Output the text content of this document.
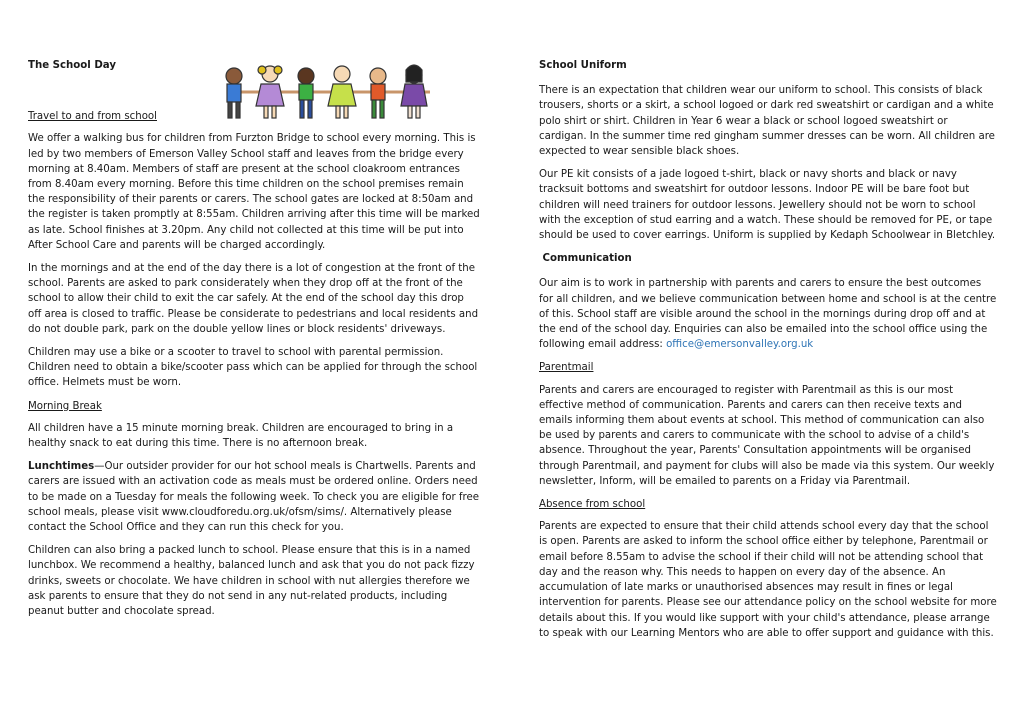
The School Day

Travel to and from school

We offer a walking bus for children from Furzton Bridge to school every morning. This is led by two members of Emerson Valley School staff and leaves from the bridge every morning at 8.40am. Members of staff are present at the school cloakroom entrances from 8.40am every morning. Before this time children on the school premises remain the responsibility of their parents or carers. The school gates are locked at 8:50am and the register is taken promptly at 8:55am. Children arriving after this time will be marked as late. School finishes at 3.20pm. Any child not collected at this time will be put into After School Care and parents will be charged accordingly.

In the mornings and at the end of the day there is a lot of congestion at the front of the school. Parents are asked to park considerately when they drop off at the front of the school to allow their child to exit the car safely. At the end of the school day this drop off area is closed to traffic. Please be considerate to pedestrians and local residents and do not double park, park on the double yellow lines or block residents' driveways.

Children may use a bike or a scooter to travel to school with parental permission. Children need to obtain a bike/scooter pass which can be applied for through the school office. Helmets must be worn.

Morning Break

All children have a 15 minute morning break. Children are encouraged to bring in a healthy snack to eat during this time. There is no afternoon break.

Lunchtimes—Our outsider provider for our hot school meals is Chartwells. Parents and carers are issued with an activation code as meals must be ordered online. Orders need to be made on a Tuesday for meals the following week. To check you are eligible for free school meals, please visit www.cloudforedu.org.uk/ofsm/sims/. Alternatively please contact the School Office and they can run this check for you.

Children can also bring a packed lunch to school. Please ensure that this is in a named lunchbox. We recommend a healthy, balanced lunch and ask that you do not pack fizzy drinks, sweets or chocolate. We have children in school with nut allergies therefore we ask parents to ensure that they do not send in any nut-related products, including peanut butter and chocolate spread.

School Uniform

There is an expectation that children wear our uniform to school. This consists of black trousers, shorts or a skirt, a school logoed or dark red sweatshirt or cardigan and a white polo shirt or shirt. Children in Year 6 wear a black or school logoed sweatshirt or cardigan. In the summer time red gingham summer dresses can be worn. All children are expected to wear sensible black shoes.

Our PE kit consists of a jade logoed t-shirt, black or navy shorts and black or navy tracksuit bottoms and sweatshirt for outdoor lessons. Indoor PE will be bare foot but children will need trainers for outdoor lessons. Jewellery should not be worn to school with the exception of stud earring and a watch. These should be removed for PE, or tape should be used to cover earrings. Uniform is supplied by Kedaph Schoolwear in Bletchley.

Communication

Our aim is to work in partnership with parents and carers to ensure the best outcomes for all children, and we believe communication between home and school is at the centre of this. School staff are visible around the school in the mornings during drop off and at the end of the school day. Enquiries can also be emailed into the school office using the following email address: office@emersonvalley.org.uk

Parentmail

Parents and carers are encouraged to register with Parentmail as this is our most effective method of communication. Parents and carers can then receive texts and emails informing them about events at school. This method of communication can also be used by parents and carers to communicate with the school to advise of a child's absence. Throughout the year, Parents' Consultation appointments will be organised through Parentmail, and payment for clubs will also be made via this system. Our weekly newsletter, Inform, will be emailed to parents on a Friday via Parentmail.

Absence from school

Parents are expected to ensure that their child attends school every day that the school is open. Parents are asked to inform the school office either by telephone, Parentmail or email before 8.55am to advise the school if their child will not be attending school that day and the reason why. This needs to happen on every day of the absence. An accumulation of late marks or unauthorised absences may result in fines or legal intervention for parents. Please see our attendance policy on the school website for more details about this. If you would like support with your child's attendance, please arrange to speak with our Learning Mentors who are able to offer support and guidance with this.
